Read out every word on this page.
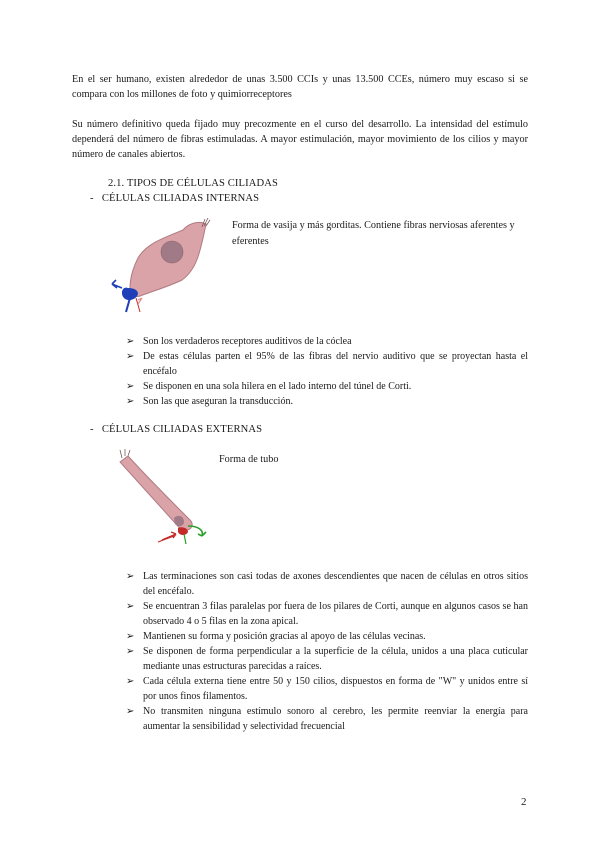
En el ser humano, existen alrededor de unas 3.500 CCIs y unas 13.500 CCEs, número muy escaso si se compara con los millones de foto y quimiorreceptores
Su número definitivo queda fijado muy precozmente en el curso del desarrollo. La intensidad del estímulo dependerá del número de fibras estimuladas. A mayor estimulación, mayor movimiento de los cilios y mayor número de canales abiertos.
2.1. TIPOS DE CÉLULAS CILIADAS
-   CÉLULAS CILIADAS INTERNAS
Forma de vasija y más gorditas. Contiene fibras nerviosas aferentes y eferentes
➢ Son los verdaderos receptores auditivos de la cóclea
➢ De estas células parten el 95% de las fibras del nervio auditivo que se proyectan hasta el encéfalo
➢ Se disponen en una sola hilera en el lado interno del túnel de Corti.
➢ Son las que aseguran la transducción.
-   CÉLULAS CILIADAS EXTERNAS
Forma de tubo
➢ Las terminaciones son casi todas de axones descendientes que nacen de células en otros sitios del encéfalo.
➢ Se encuentran 3 filas paralelas por fuera de los pilares de Corti, aunque en algunos casos se han observado 4 o 5 filas en la zona apical.
➢ Mantienen su forma y posición gracias al apoyo de las células vecinas.
➢ Se disponen de forma perpendicular a la superficie de la célula, unidos a una placa cuticular mediante unas estructuras parecidas a raíces.
➢ Cada célula externa tiene entre 50 y 150 cilios, dispuestos en forma de "W" y unidos entre sí por unos finos filamentos.
➢ No transmiten ninguna estímulo sonoro al cerebro, les permite reenviar la energía para aumentar la sensibilidad y selectividad frecuencial
2
